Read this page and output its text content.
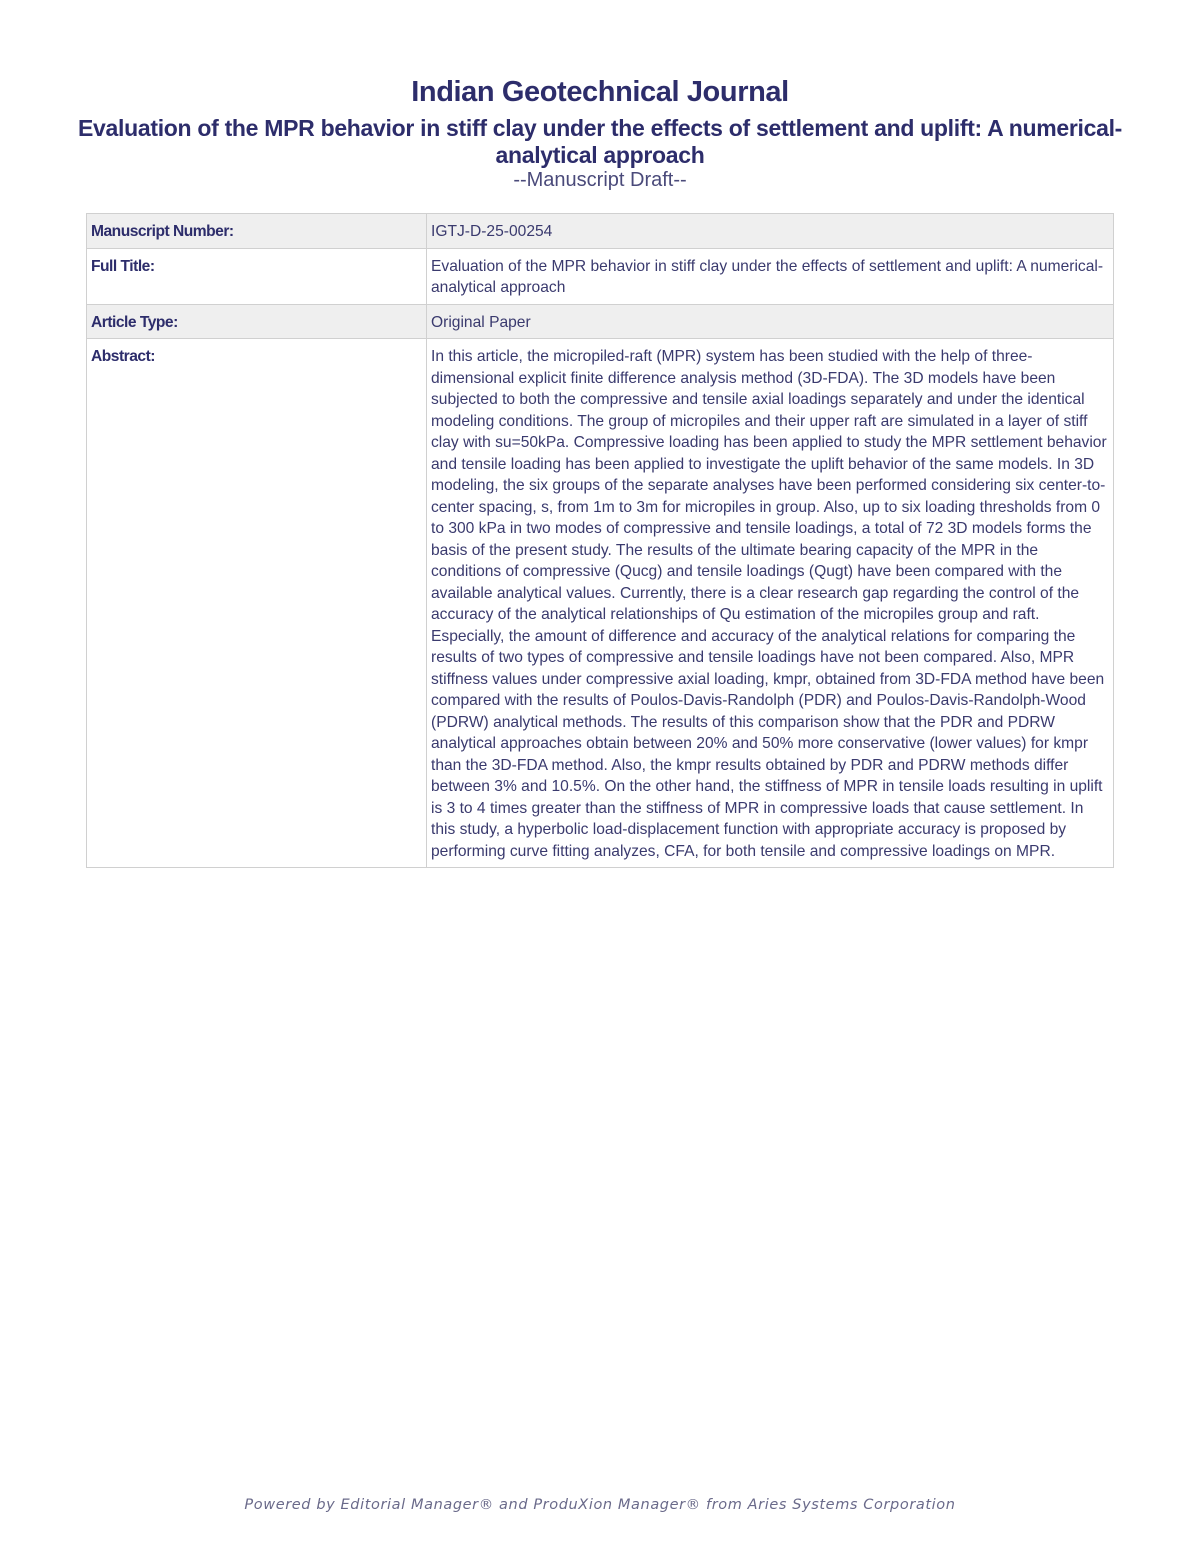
Indian Geotechnical Journal
Evaluation of the MPR behavior in stiff clay under the effects of settlement and uplift: A numerical-analytical approach

--Manuscript Draft--

Manuscript Number:	IGTJ-D-25-00254
Full Title:	Evaluation of the MPR behavior in stiff clay under the effects of settlement and uplift: A numerical-analytical approach
Article Type:	Original Paper
Abstract:	In this article, the micropiled-raft (MPR) system has been studied with the help of three-dimensional explicit finite difference analysis method (3D-FDA). The 3D models have been subjected to both the compressive and tensile axial loadings separately and under the identical modeling conditions. The group of micropiles and their upper raft are simulated in a layer of stiff clay with su=50kPa. Compressive loading has been applied to study the MPR settlement behavior and tensile loading has been applied to investigate the uplift behavior of the same models. In 3D modeling, the six groups of the separate analyses have been performed considering six center-to-center spacing, s, from 1m to 3m for micropiles in group. Also, up to six loading thresholds from 0 to 300 kPa in two modes of compressive and tensile loadings, a total of 72 3D models forms the basis of the present study. The results of the ultimate bearing capacity of the MPR in the conditions of compressive (Qucg) and tensile loadings (Qugt) have been compared with the available analytical values. Currently, there is a clear research gap regarding the control of the accuracy of the analytical relationships of Qu estimation of the micropiles group and raft. Especially, the amount of difference and accuracy of the analytical relations for comparing the results of two types of compressive and tensile loadings have not been compared. Also, MPR stiffness values under compressive axial loading, kmpr, obtained from 3D-FDA method have been compared with the results of Poulos-Davis-Randolph (PDR) and Poulos-Davis-Randolph-Wood (PDRW) analytical methods. The results of this comparison show that the PDR and PDRW analytical approaches obtain between 20% and 50% more conservative (lower values) for kmpr than the 3D-FDA method. Also, the kmpr results obtained by PDR and PDRW methods differ between 3% and 10.5%. On the other hand, the stiffness of MPR in tensile loads resulting in uplift is 3 to 4 times greater than the stiffness of MPR in compressive loads that cause settlement. In this study, a hyperbolic load-displacement function with appropriate accuracy is proposed by performing curve fitting analyzes, CFA, for both tensile and compressive loadings on MPR.
Powered by Editorial Manager® and ProduXion Manager® from Aries Systems Corporation
